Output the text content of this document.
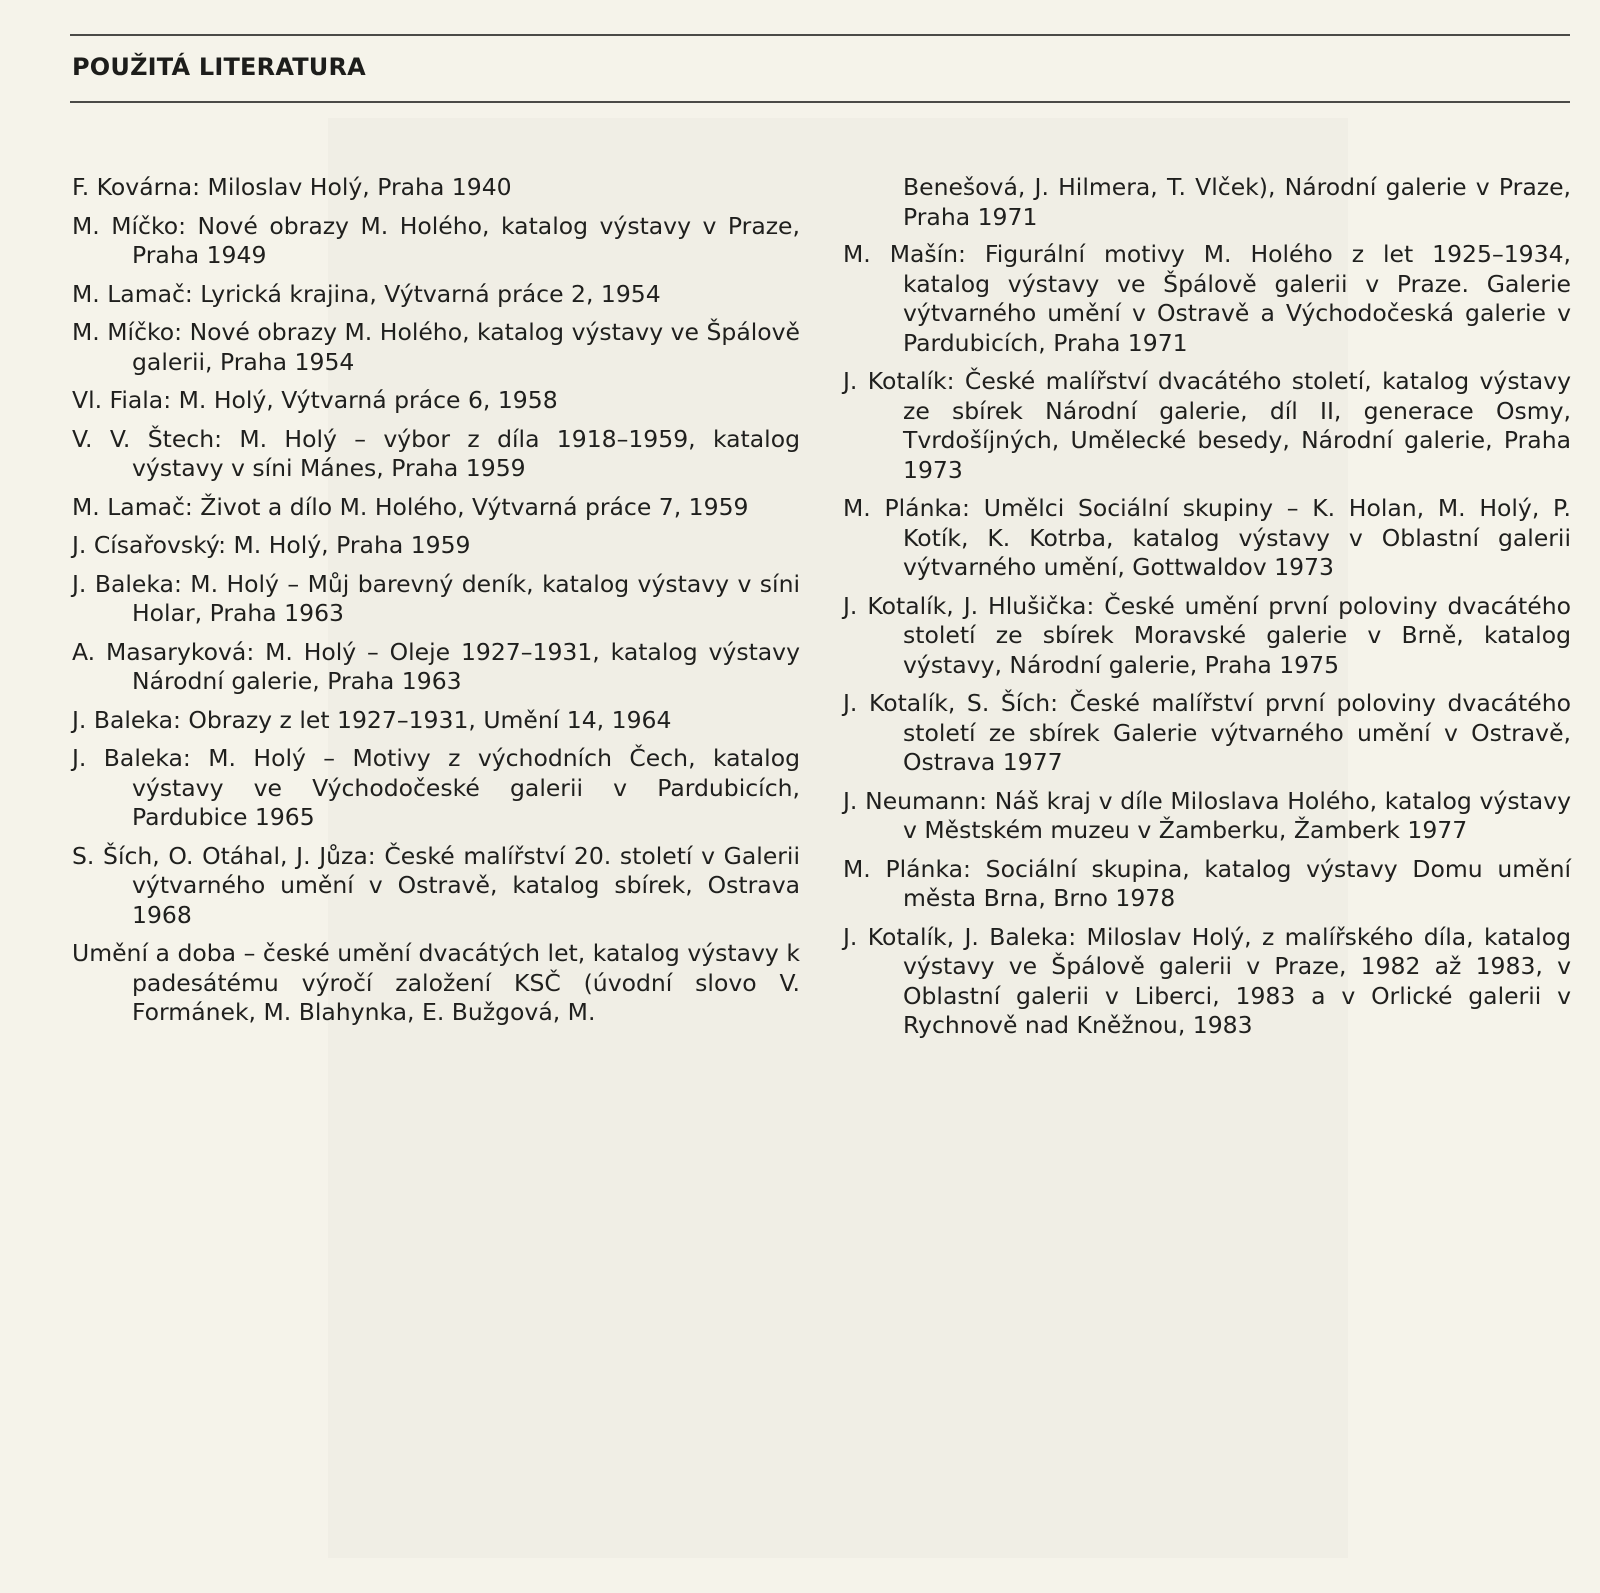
POUŽITÁ LITERATURA
F. Kovárna: Miloslav Holý, Praha 1940
M. Míčko: Nové obrazy M. Holého, katalog výstavy v Praze, Praha 1949
M. Lamač: Lyrická krajina, Výtvarná práce 2, 1954
M. Míčko: Nové obrazy M. Holého, katalog výstavy ve Špálově galerii, Praha 1954
Vl. Fiala: M. Holý, Výtvarná práce 6, 1958
V. V. Štech: M. Holý – výbor z díla 1918–1959, katalog výstavy v síni Mánes, Praha 1959
M. Lamač: Život a dílo M. Holého, Výtvarná práce 7, 1959
J. Císařovský: M. Holý, Praha 1959
J. Baleka: M. Holý – Můj barevný deník, katalog výstavy v síni Holar, Praha 1963
A. Masaryková: M. Holý – Oleje 1927–1931, katalog výstavy Národní galerie, Praha 1963
J. Baleka: Obrazy z let 1927–1931, Umění 14, 1964
J. Baleka: M. Holý – Motivy z východních Čech, katalog výstavy ve Východočeské galerii v Pardubicích, Pardubice 1965
S. Ších, O. Otáhal, J. Jůza: České malířství 20. století v Galerii výtvarného umění v Ostravě, katalog sbírek, Ostrava 1968
Umění a doba – české umění dvacátých let, katalog výstavy k padesátému výročí založení KSČ (úvodní slovo V. Formánek, M. Blahynka, E. Bužgová, M.
Benešová, J. Hilmera, T. Vlček), Národní galerie v Praze, Praha 1971
M. Mašín: Figurální motivy M. Holého z let 1925–1934, katalog výstavy ve Špálově galerii v Praze. Galerie výtvarného umění v Ostravě a Východočeská galerie v Pardubicích, Praha 1971
J. Kotalík: České malířství dvacátého století, katalog výstavy ze sbírek Národní galerie, díl II, generace Osmy, Tvrdošíjných, Umělecké besedy, Národní galerie, Praha 1973
M. Plánka: Umělci Sociální skupiny – K. Holan, M. Holý, P. Kotík, K. Kotrba, katalog výstavy v Oblastní galerii výtvarného umění, Gottwaldov 1973
J. Kotalík, J. Hlušička: České umění první poloviny dvacátého století ze sbírek Moravské galerie v Brně, katalog výstavy, Národní galerie, Praha 1975
J. Kotalík, S. Ších: České malířství první poloviny dvacátého století ze sbírek Galerie výtvarného umění v Ostravě, Ostrava 1977
J. Neumann: Náš kraj v díle Miloslava Holého, katalog výstavy v Městském muzeu v Žamberku, Žamberk 1977
M. Plánka: Sociální skupina, katalog výstavy Domu umění města Brna, Brno 1978
J. Kotalík, J. Baleka: Miloslav Holý, z malířského díla, katalog výstavy ve Špálově galerii v Praze, 1982 až 1983, v Oblastní galerii v Liberci, 1983 a v Orlické galerii v Rychnově nad Kněžnou, 1983
